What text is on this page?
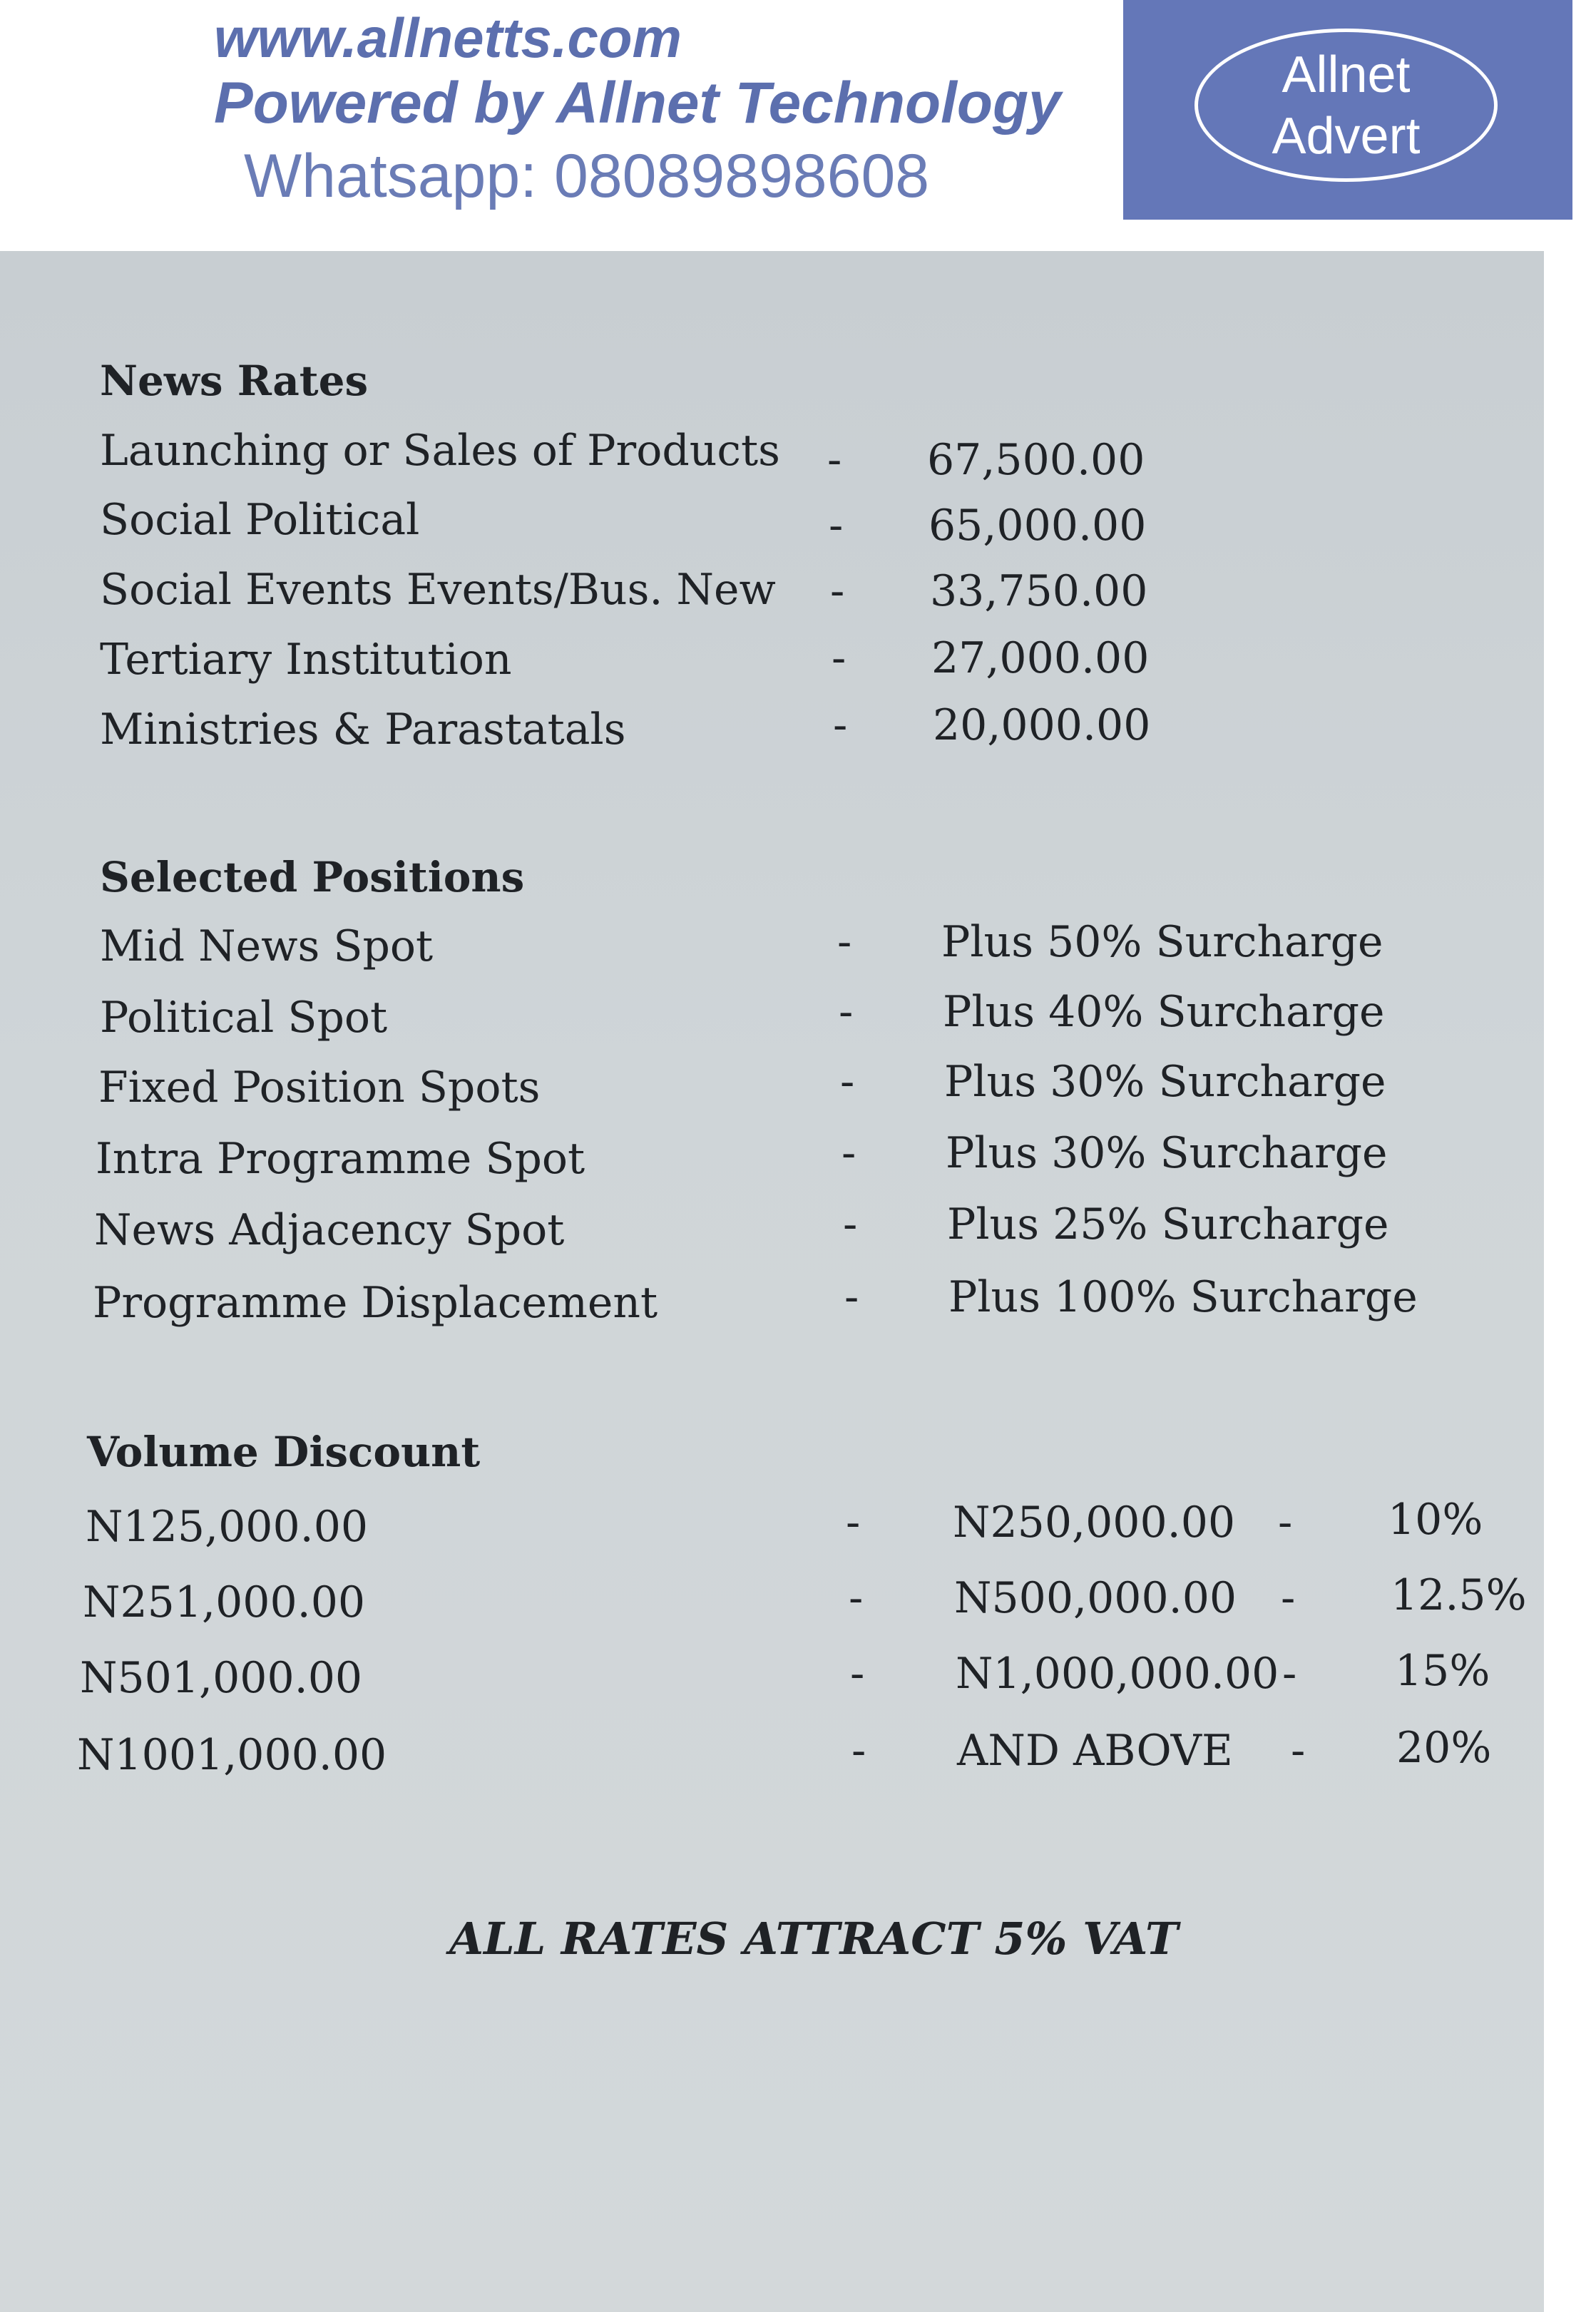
www.allnetts.com
Powered by Allnet Technology
Whatsapp: 08089898608
Allnet
Advert
News Rates
Launching or Sales of Products - 67,500.00
Social Political	- 65,000.00
Social Events Events/Bus. New - 33,750.00
Tertiary Institution	- 27,000.00
Ministries & Parastatals	- 20,000.00
Selected Positions
Mid News Spot	- Plus 50% Surcharge
Political Spot	- Plus 40% Surcharge
Fixed Position Spots	- Plus 30% Surcharge
Intra Programme Spot	- Plus 30% Surcharge
News Adjacency Spot	- Plus 25% Surcharge
Programme Displacement	- Plus 100% Surcharge
Volume Discount
N125,000.00	- N250,000.00 - 10%
N251,000.00	- N500,000.00 - 12.5%
N501,000.00	- N1,000,000.00 - 15%
N1001,000.00	- AND ABOVE - 20%
ALL RATES ATTRACT 5% VAT
